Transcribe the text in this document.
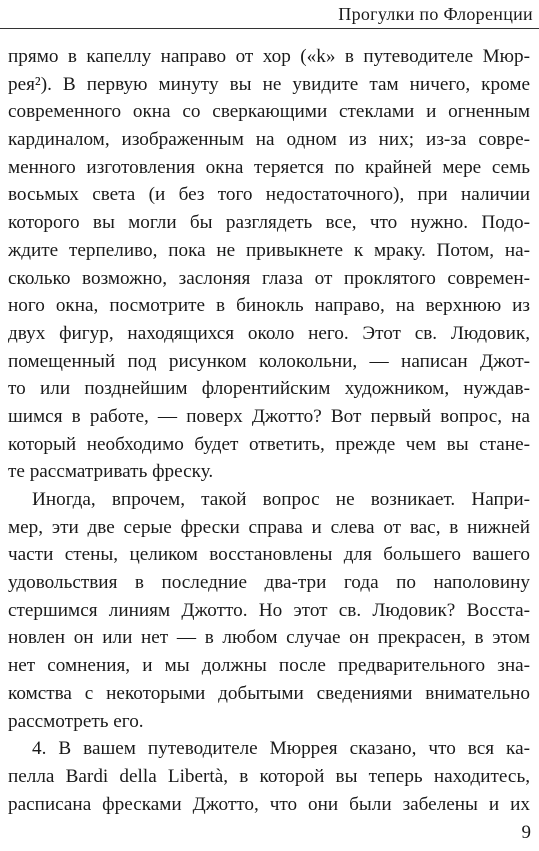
Прогулки по Флоренции
прямо в капеллу направо от хор («k» в путеводителе Мюр-
рея²). В первую минуту вы не увидите там ничего, кроме
современного окна со сверкающими стеклами и огненным
кардиналом, изображенным на одном из них; из-за совре-
менного изготовления окна теряется по крайней мере семь
восьмых света (и без того недостаточного), при наличии
которого вы могли бы разглядеть все, что нужно. Подо-
ждите терпеливо, пока не привыкнете к мраку. Потом, на-
сколько возможно, заслоняя глаза от проклятого современ-
ного окна, посмотрите в бинокль направо, на верхнюю из
двух фигур, находящихся около него. Этот св. Людовик,
помещенный под рисунком колокольни, — написан Джот-
то или позднейшим флорентийским художником, нуждав-
шимся в работе, — поверх Джотто? Вот первый вопрос, на
который необходимо будет ответить, прежде чем вы стане-
те рассматривать фреску.
Иногда, впрочем, такой вопрос не возникает. Напри-
мер, эти две серые фрески справа и слева от вас, в нижней
части стены, целиком восстановлены для большего вашего
удовольствия в последние два-три года по наполовину
стершимся линиям Джотто. Но этот св. Людовик? Восста-
новлен он или нет — в любом случае он прекрасен, в этом
нет сомнения, и мы должны после предварительного зна-
комства с некоторыми добытыми сведениями внимательно
рассмотреть его.
4. В вашем путеводителе Мюррея сказано, что вся ка-
пелла Bardi della Libertà, в которой вы теперь находитесь,
расписана фресками Джотто, что они были забелены и их
9
